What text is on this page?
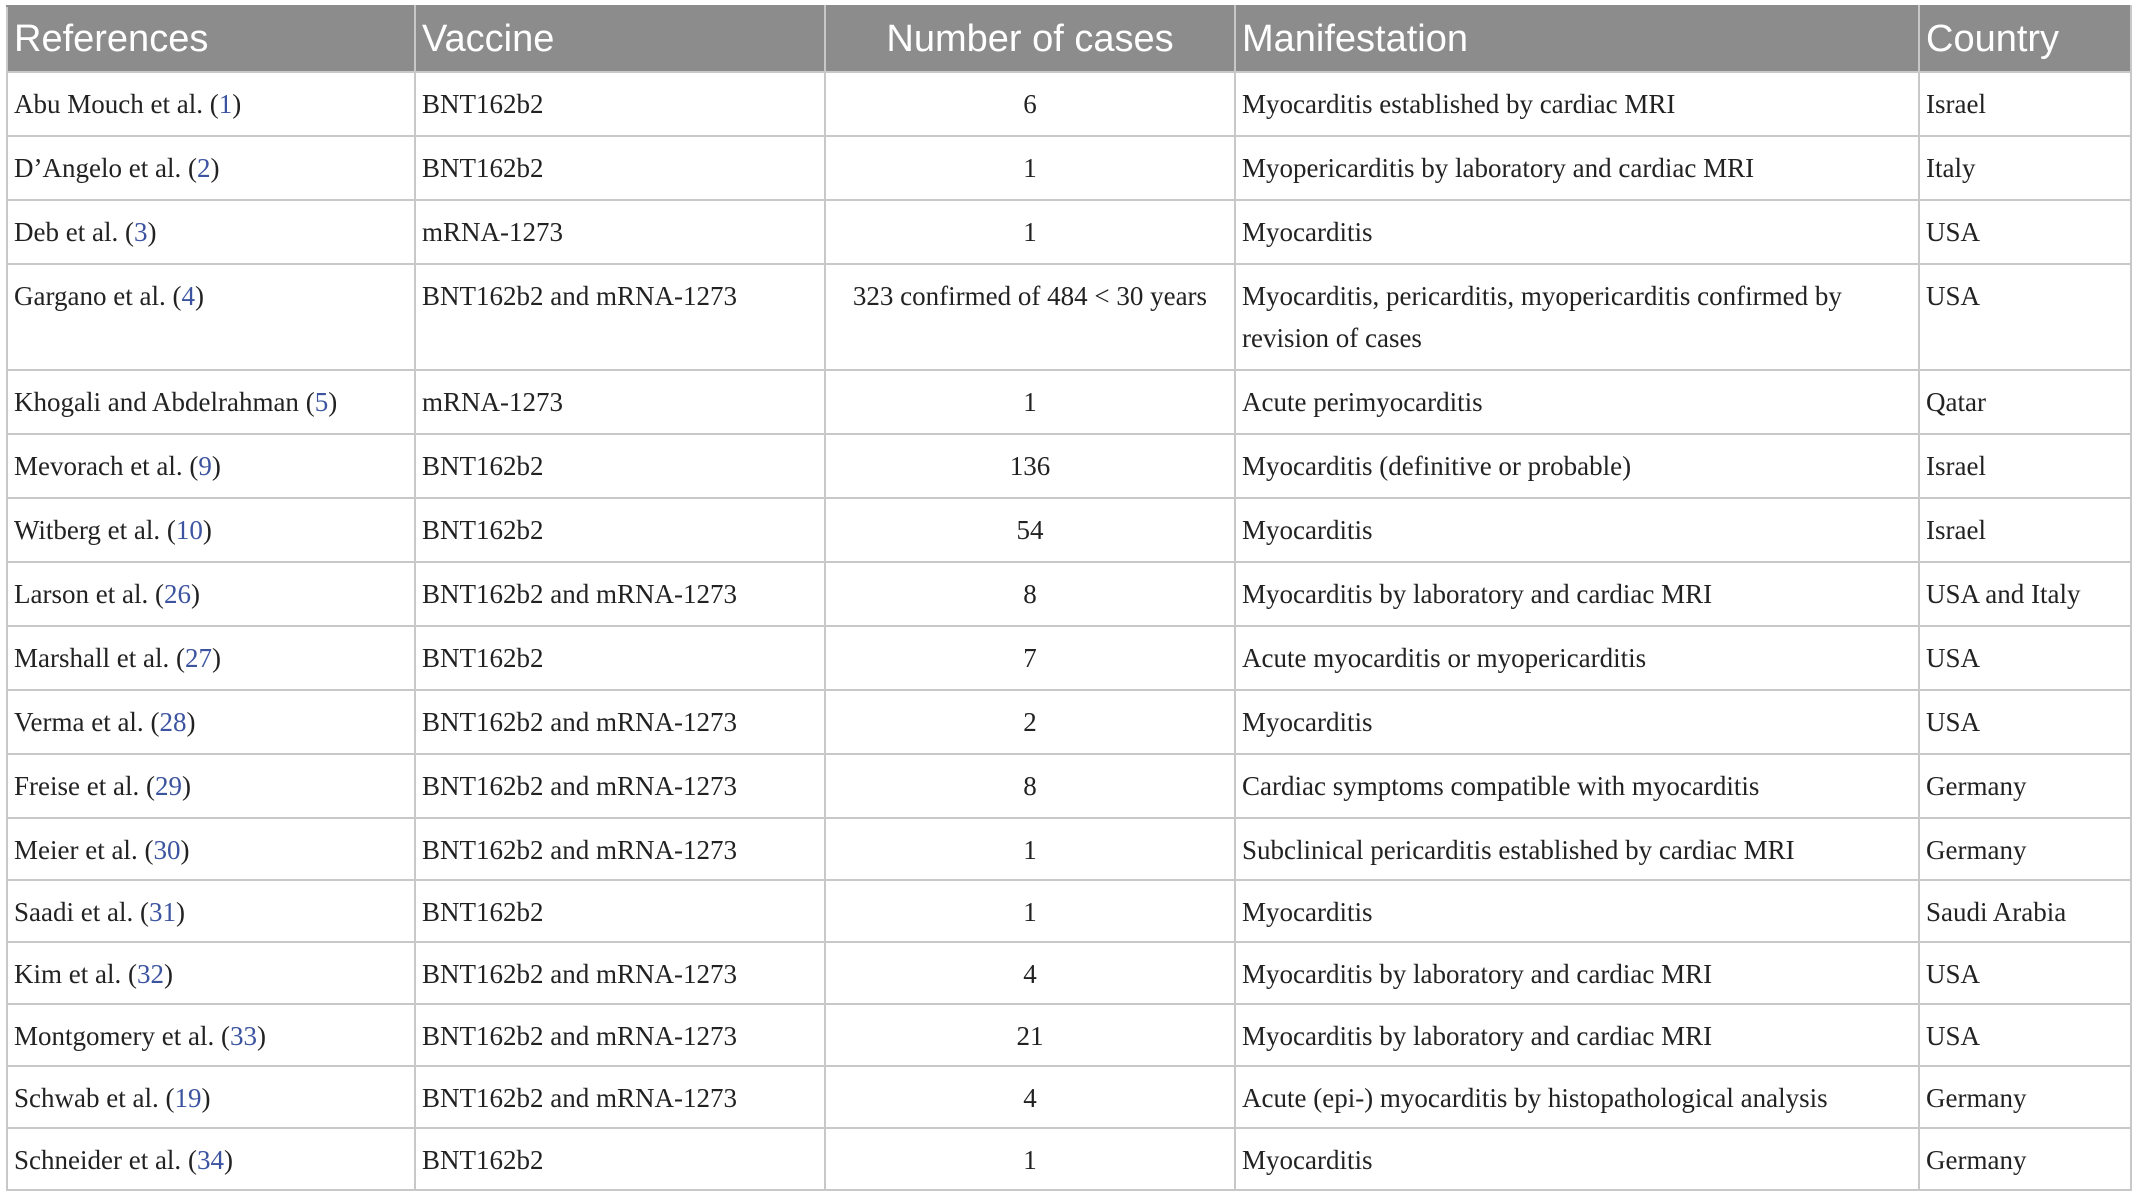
References	Vaccine	Number of cases	Manifestation	Country
Abu Mouch et al. (1)	BNT162b2	6	Myocarditis established by cardiac MRI	Israel
D’Angelo et al. (2)	BNT162b2	1	Myopericarditis by laboratory and cardiac MRI	Italy
Deb et al. (3)	mRNA-1273	1	Myocarditis	USA
Gargano et al. (4)	BNT162b2 and mRNA-1273	323 confirmed of 484 < 30 years	Myocarditis, pericarditis, myopericarditis confirmed by revision of cases	USA
Khogali and Abdelrahman (5)	mRNA-1273	1	Acute perimyocarditis	Qatar
Mevorach et al. (9)	BNT162b2	136	Myocarditis (definitive or probable)	Israel
Witberg et al. (10)	BNT162b2	54	Myocarditis	Israel
Larson et al. (26)	BNT162b2 and mRNA-1273	8	Myocarditis by laboratory and cardiac MRI	USA and Italy
Marshall et al. (27)	BNT162b2	7	Acute myocarditis or myopericarditis	USA
Verma et al. (28)	BNT162b2 and mRNA-1273	2	Myocarditis	USA
Freise et al. (29)	BNT162b2 and mRNA-1273	8	Cardiac symptoms compatible with myocarditis	Germany
Meier et al. (30)	BNT162b2 and mRNA-1273	1	Subclinical pericarditis established by cardiac MRI	Germany
Saadi et al. (31)	BNT162b2	1	Myocarditis	Saudi Arabia
Kim et al. (32)	BNT162b2 and mRNA-1273	4	Myocarditis by laboratory and cardiac MRI	USA
Montgomery et al. (33)	BNT162b2 and mRNA-1273	21	Myocarditis by laboratory and cardiac MRI	USA
Schwab et al. (19)	BNT162b2 and mRNA-1273	4	Acute (epi-) myocarditis by histopathological analysis	Germany
Schneider et al. (34)	BNT162b2	1	Myocarditis	Germany
